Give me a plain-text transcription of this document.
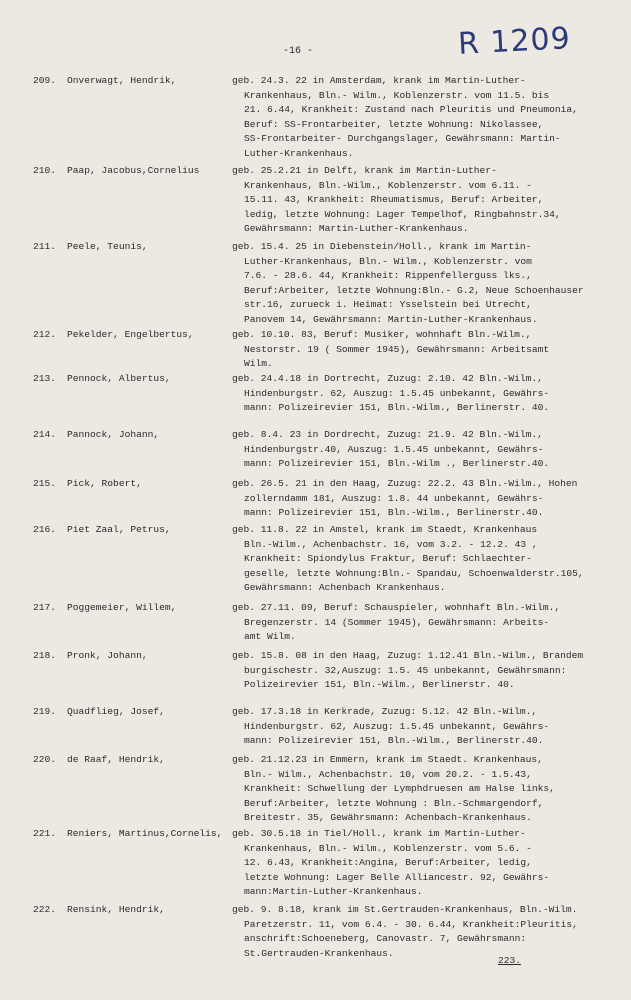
-16 -	R 1209
209. Onverwagt, Hendrik,	geb. 24.3. 22 in Amsterdam, krank im Martin-Luther-
Krankenhaus, Bln.- Wilm., Koblenzerstr. vom 11.5. bis
21. 6.44, Krankheit: Zustand nach Pleuritis und Pneumonia,
Beruf: SS-Frontarbeiter, letzte Wohnung: Nikolassee,
SS-Frontarbeiter- Durchgangslager, Gewährsmann: Martin-
Luther-Krankenhaus.
210. Paap, Jacobus,Cornelius	geb. 25.2.21 in Delft, krank im Martin-Luther-
Krankenhaus, Bln.-Wilm., Koblenzerstr. vom 6.11. -
15.11. 43, Krankheit: Rheumatismus, Beruf: Arbeiter,
ledig, letzte Wohnung: Lager Tempelhof, Ringbahnstr.34,
Gewährsmann: Martin-Luther-Krankenhaus.
211. Peele, Teunis,	geb. 15.4. 25 in Diebenstein/Holl., krank im Martin-
Luther-Krankenhaus, Bln.- Wilm., Koblenzerstr. vom
7.6. - 28.6. 44, Krankheit: Rippenfellerguss lks.,
Beruf:Arbeiter, letzte Wohnung:Bln.- G.2, Neue Schoenhauser
str.16, zurueck i. Heimat: Ysselstein bei Utrecht,
Panovem 14, Gewährsmann: Martin-Luther-Krankenhaus.
212. Pekelder, Engelbertus,	geb. 10.10. 83, Beruf: Musiker, wohnhaft Bln.-Wilm.,
Nestorstr. 19 ( Sommer 1945), Gewährsmann: Arbeitsamt
Wilm.
213. Pennock, Albertus,	geb. 24.4.18 in Dortrecht, Zuzug: 2.10. 42 Bln.-Wilm.,
Hindenburgstr. 62, Auszug: 1.5.45 unbekannt, Gewährs-
mann: Polizeirevier 151, Bln.-Wilm., Berlinerstr. 40.
214. Pannock, Johann,	geb. 8.4. 23 in Dordrecht, Zuzug: 21.9. 42 Bln.-Wilm.,
Hindenburgstr.40, Auszug: 1.5.45 unbekannt, Gewährs-
mann: Polizeirevier 151, Bln.-Wilm ., Berlinerstr.40.
215. Pick, Robert,	geb. 26.5. 21 in den Haag, Zuzug: 22.2. 43 Bln.-Wilm., Hohen
zollerndamm 181, Auszug: 1.8. 44 unbekannt, Gewährs-
mann: Polizeirevier 151, Bln.-Wilm., Berlinerstr.40.
216. Piet Zaal, Petrus,	geb. 11.8. 22 in Amstel, krank im Staedt, Krankenhaus
Bln.-Wilm., Achenbachstr. 16, vom 3.2. - 12.2. 43 ,
Krankheit: Spiondylus Fraktur, Beruf: Schlaechter-
geselle, letzte Wohnung:Bln.- Spandau, Schoenwalderstr.105,
Gewährsmann: Achenbach Krankenhaus.
217. Poggemeier, Willem,	geb. 27.11. 09, Beruf: Schauspieler, wohnhaft Bln.-Wilm.,
Bregenzerstr. 14 (Sommer 1945), Gewährsmann: Arbeits-
amt Wilm.
218. Pronk, Johann,	geb. 15.8. 08 in den Haag, Zuzug: 1.12.41 Bln.-Wilm., Brandem
burgischestr. 32,Auszug: 1.5. 45 unbekannt, Gewährsmann:
Polizeirevier 151, Bln.-Wilm., Berlinerstr. 40.
219. Quadflieg, Josef,	geb. 17.3.18 in Kerkrade, Zuzug: 5.12. 42 Bln.-Wilm.,
Hindenburgstr. 62, Auszug: 1.5.45 unbekannt, Gewährs-
mann: Polizeirevier 151, Bln.-Wilm., Berlinerstr.40.
220. de Raaf, Hendrik,	geb. 21.12.23 in Emmern, krank im Staedt. Krankenhaus,
Bln.- Wilm., Achenbachstr. 10, vom 20.2. - 1.5.43,
Krankheit: Schwellung der Lymphdruesen am Halse links,
Beruf:Arbeiter, letzte Wohnung : Bln.-Schmargendorf,
Breitestr. 35, Gewährsmann: Achenbach-Krankenhaus.
221. Reniers, Martinus,Cornelis, geb. 30.5.18 in Tiel/Holl., krank im Martin-Luther-
Krankenhaus, Bln.- Wilm., Koblenzerstr. vom 5.6. -
12. 6.43, Krankheit:Angina, Beruf:Arbeiter, ledig,
letzte Wohnung: Lager Belle Alliancestr. 92, Gewährs-
mann:Martin-Luther-Krankenhaus.
222. Rensink, Hendrik,	geb. 9. 8.18, krank im St.Gertrauden-Krankenhaus, Bln.-Wilm.
Paretzerstr. 11, vom 6.4. - 30. 6.44, Krankheit:Pleuritis,
anschrift:Schoeneberg, Canovastr. 7, Gewährsmann:
St.Gertrauden-Krankenhaus.
223.
